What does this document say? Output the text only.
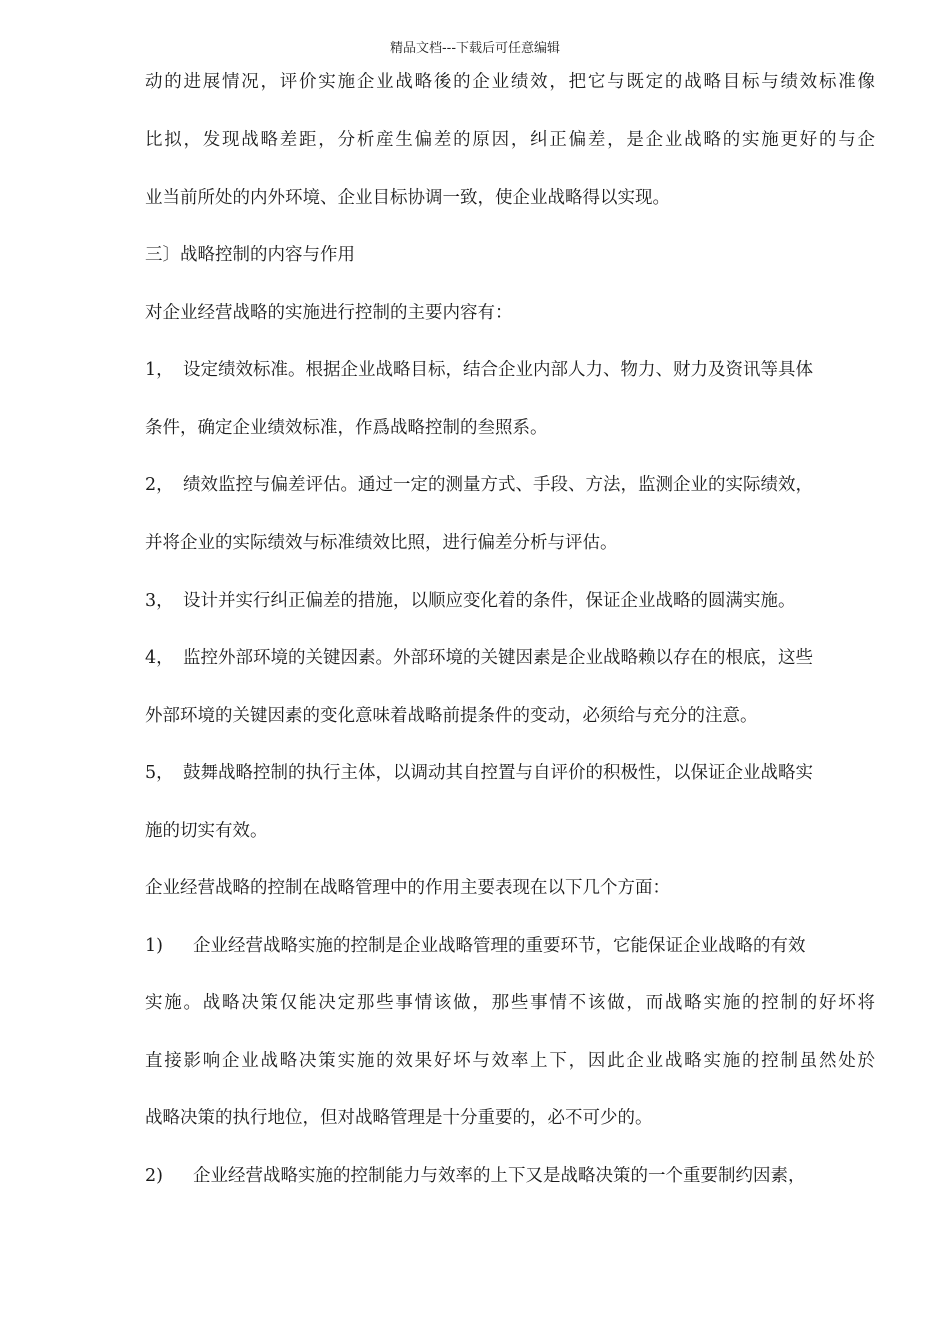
精品文档---下载后可任意编辑
动的进展情况，评价实施企业战略後的企业绩效，把它与既定的战略目标与绩效标准像
比拟，发现战略差距，分析産生偏差的原因，纠正偏差，是企业战略的实施更好的与企
业当前所处的内外环境、企业目标协调一致，使企业战略得以实现。
三〕战略控制的内容与作用
对企业经营战略的实施进行控制的主要内容有：
1， 设定绩效标准。根据企业战略目标，结合企业内部人力、物力、财力及资讯等具体
条件，确定企业绩效标准，作爲战略控制的叁照系。
2， 绩效监控与偏差评估。通过一定的测量方式、手段、方法，监测企业的实际绩效，
并将企业的实际绩效与标准绩效比照，进行偏差分析与评估。
3， 设计并实行纠正偏差的措施，以顺应变化着的条件，保证企业战略的圆满实施。
4， 监控外部环境的关键因素。外部环境的关键因素是企业战略赖以存在的根底，这些
外部环境的关键因素的变化意味着战略前提条件的变动，必须给与充分的注意。
5， 鼓舞战略控制的执行主体，以调动其自控置与自评价的积极性，以保证企业战略实
施的切实有效。
企业经营战略的控制在战略管理中的作用主要表现在以下几个方面：
1) 企业经营战略实施的控制是企业战略管理的重要环节，它能保证企业战略的有效
实施。战略决策仅能决定那些事情该做，那些事情不该做，而战略实施的控制的好坏将
直接影响企业战略决策实施的效果好坏与效率上下，因此企业战略实施的控制虽然处於
战略决策的执行地位，但对战略管理是十分重要的，必不可少的。
2) 企业经营战略实施的控制能力与效率的上下又是战略决策的一个重要制约因素，
